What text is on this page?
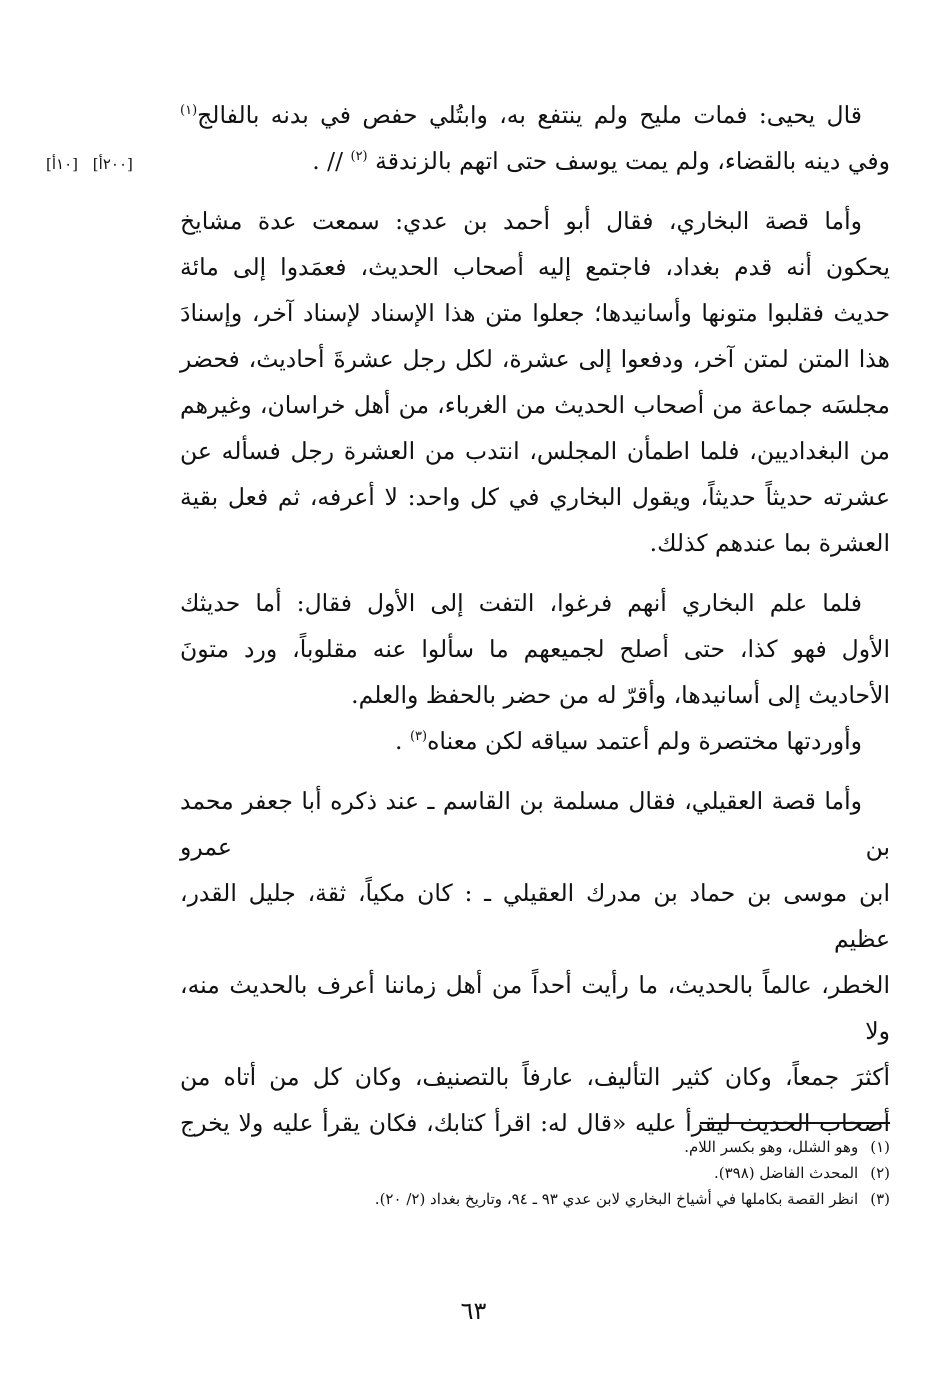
[٢٠٠أ] [١٠أ]

قال يحيى: فمات مليح ولم ينتفع به، وابتُلي حفص في بدنه بالفالج$^{(١)}$
وفي دينه بالقضاء، ولم يمت يوسف حتى اتهم بالزندقة $^{(٢)}$ // .

وأما قصة البخاري، فقال أبو أحمد بن عدي: سمعت عدة مشايخ
يحكون أنه قدم بغداد، فاجتمع إليه أصحاب الحديث، فعمَدوا إلى مائة
حديث فقلبوا متونها وأسانيدها؛ جعلوا متن هذا الإسناد لإسناد آخر، وإسنادَ
هذا المتن لمتن آخر، ودفعوا إلى عشرة، لكل رجل عشرةَ أحاديث، فحضر
مجلسَه جماعة من أصحاب الحديث من الغرباء، من أهل خراسان، وغيرهم
من البغداديين، فلما اطمأن المجلس، انتدب من العشرة رجل فسأله عن
عشرته حديثاً حديثاً، ويقول البخاري في كل واحد: لا أعرفه، ثم فعل بقية
العشرة بما عندهم كذلك.

فلما علم البخاري أنهم فرغوا، التفت إلى الأول فقال: أما حديثك
الأول فهو كذا، حتى أصلح لجميعهم ما سألوا عنه مقلوباً، ورد متونَ
الأحاديث إلى أسانيدها، وأقرّ له من حضر بالحفظ والعلم.

وأوردتها مختصرة ولم أعتمد سياقه لكن معناه$^{(٣)}$ .

وأما قصة العقيلي، فقال مسلمة بن القاسم ـ عند ذكره أبا جعفر محمد بن عمرو
ابن موسى بن حماد بن مدرك العقيلي ـ : كان مكياً، ثقة، جليل القدر، عظيم
الخطر، عالماً بالحديث، ما رأيت أحداً من أهل زماننا أعرف بالحديث منه، ولا
أكثرَ جمعاً، وكان كثير التأليف، عارفاً بالتصنيف، وكان كل من أتاه من
أصحاب الحديث ليقرأ عليه «قال له: اقرأ كتابك، فكان يقرأ عليه ولا يخرج

(١)وهو الشلل، وهو بكسر اللام.
(٢)المحدث الفاضل (٣٩٨).
(٣)انظر القصة بكاملها في أشياخ البخاري لابن عدي ٩٣ ـ ٩٤، وتاريخ بغداد (٢/ ٢٠).
٦٣
